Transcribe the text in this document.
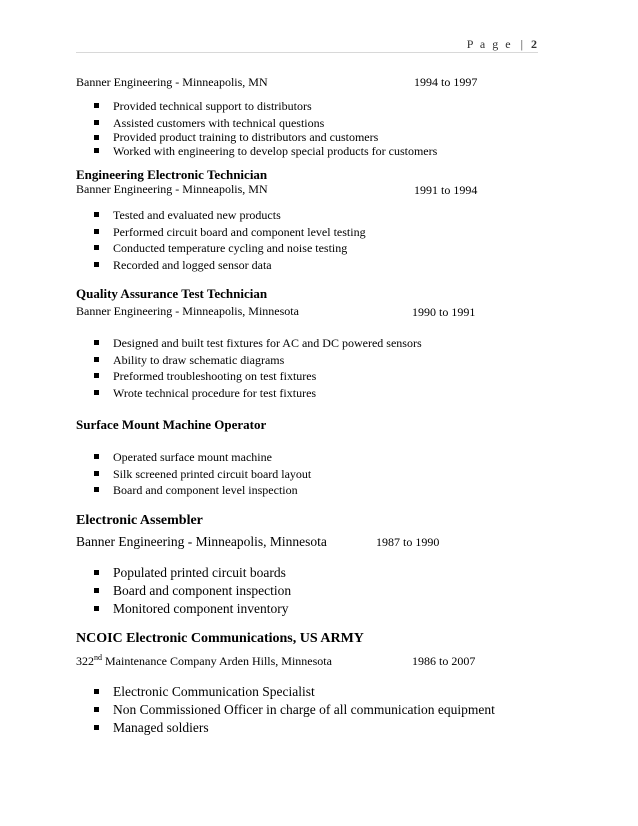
P a g e | 2
Banner Engineering - Minneapolis, MN	1994 to 1997
Provided technical support to distributors
Assisted customers with technical questions
Provided product training to distributors and customers
Worked with engineering to develop special products for customers
Engineering Electronic Technician
Banner Engineering - Minneapolis, MN	1991 to 1994
Tested and evaluated new products
Performed circuit board and component level testing
Conducted temperature cycling and noise testing
Recorded and logged sensor data
Quality Assurance Test Technician
Banner Engineering - Minneapolis, Minnesota	1990 to 1991
Designed and built test fixtures for AC and DC powered sensors
Ability to draw schematic diagrams
Preformed troubleshooting on test fixtures
Wrote technical procedure for test fixtures
Surface Mount Machine Operator
Operated surface mount machine
Silk screened printed circuit board layout
Board and component level inspection
Electronic Assembler
Banner Engineering - Minneapolis, Minnesota	1987 to 1990
Populated printed circuit boards
Board and component inspection
Monitored component inventory
NCOIC Electronic Communications, US ARMY
322nd Maintenance Company Arden Hills, Minnesota	1986 to 2007
Electronic Communication Specialist
Non Commissioned Officer in charge of all communication equipment
Managed soldiers
